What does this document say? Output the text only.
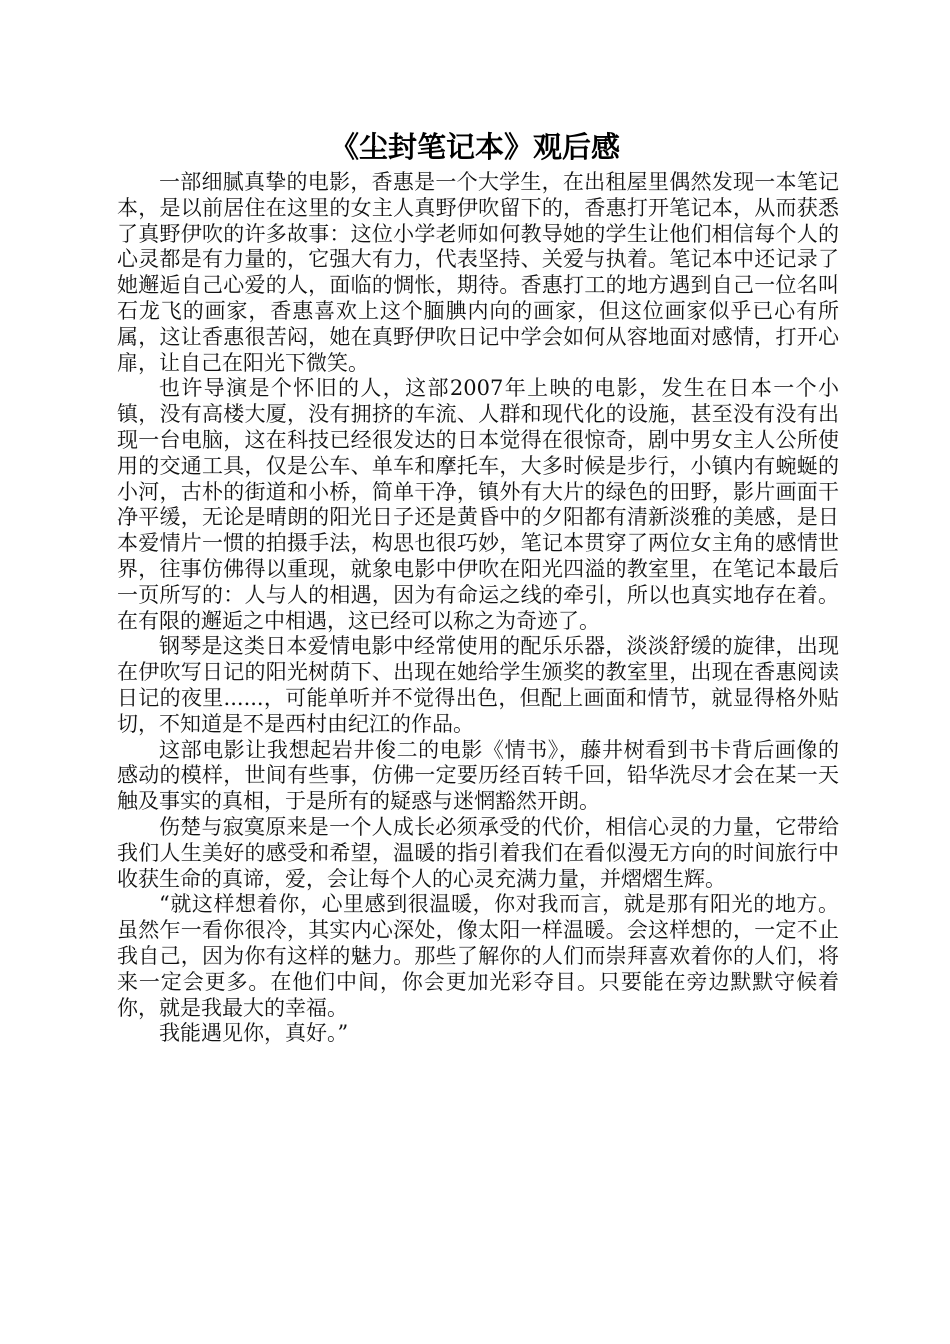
《尘封笔记本》观后感

一部细腻真挚的电影，香惠是一个大学生，在出租屋里偶然发现一本笔记本，是以前居住在这里的女主人真野伊吹留下的，香惠打开笔记本，从而获悉了真野伊吹的许多故事：这位小学老师如何教导她的学生让他们相信每个人的心灵都是有力量的，它强大有力，代表坚持、关爱与执着。笔记本中还记录了她邂逅自己心爱的人，面临的惆怅，期待。香惠打工的地方遇到自己一位名叫石龙飞的画家，香惠喜欢上这个腼腆内向的画家，但这位画家似乎已心有所属，这让香惠很苦闷，她在真野伊吹日记中学会如何从容地面对感情，打开心扉，让自己在阳光下微笑。

也许导演是个怀旧的人，这部2007年上映的电影，发生在日本一个小镇，没有高楼大厦，没有拥挤的车流、人群和现代化的设施，甚至没有没有出现一台电脑，这在科技已经很发达的日本觉得在很惊奇，剧中男女主人公所使用的交通工具，仅是公车、单车和摩托车，大多时候是步行，小镇内有蜿蜒的小河，古朴的街道和小桥，简单干净，镇外有大片的绿色的田野，影片画面干净平缓，无论是晴朗的阳光日子还是黄昏中的夕阳都有清新淡雅的美感，是日本爱情片一惯的拍摄手法，构思也很巧妙，笔记本贯穿了两位女主角的感情世界，往事仿佛得以重现，就象电影中伊吹在阳光四溢的教室里，在笔记本最后一页所写的：人与人的相遇，因为有命运之线的牵引，所以也真实地存在着。在有限的邂逅之中相遇，这已经可以称之为奇迹了。

钢琴是这类日本爱情电影中经常使用的配乐乐器，淡淡舒缓的旋律，出现在伊吹写日记的阳光树荫下、出现在她给学生颁奖的教室里，出现在香惠阅读日记的夜里......，可能单听并不觉得出色，但配上画面和情节，就显得格外贴切，不知道是不是西村由纪江的作品。

这部电影让我想起岩井俊二的电影《情书》，藤井树看到书卡背后画像的感动的模样，世间有些事，仿佛一定要历经百转千回，铅华洗尽才会在某一天触及事实的真相，于是所有的疑惑与迷惘豁然开朗。

伤楚与寂寞原来是一个人成长必须承受的代价，相信心灵的力量，它带给我们人生美好的感受和希望，温暖的指引着我们在看似漫无方向的时间旅行中收获生命的真谛，爱，会让每个人的心灵充满力量，并熠熠生辉。

“就这样想着你，心里感到很温暖，你对我而言，就是那有阳光的地方。虽然乍一看你很冷，其实内心深处，像太阳一样温暖。会这样想的，一定不止我自己，因为你有这样的魅力。那些了解你的人们而崇拜喜欢着你的人们，将来一定会更多。在他们中间，你会更加光彩夺目。只要能在旁边默默守候着你，就是我最大的幸福。

我能遇见你，真好。”
